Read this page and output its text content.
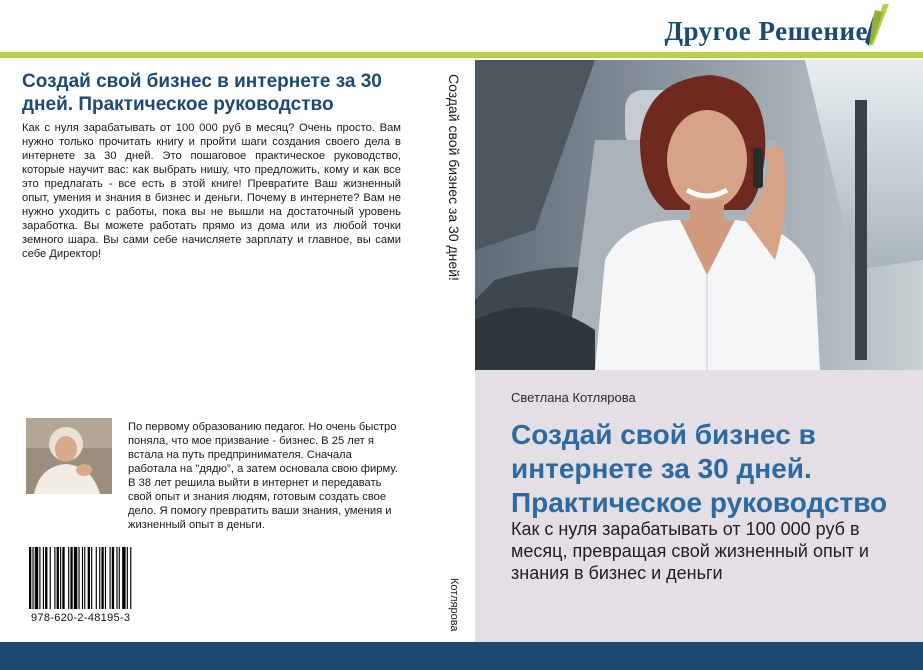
Другое Решение
Создай свой бизнес в интернете за 30 дней. Практическое руководство
Как с нуля зарабатывать от 100 000 руб в месяц? Очень просто. Вам нужно только прочитать книгу и пройти шаги создания своего дела в интернете за 30 дней. Это пошаговое практическое руководство, которые научит вас: как выбрать нишу, что предложить, кому и как все это предлагать - все есть в этой книге! Превратите Ваш жизненный опыт, умения и знания в бизнес и деньги. Почему в интернете? Вам не нужно уходить с работы, пока вы не вышли на достаточный уровень заработка. Вы можете работать прямо из дома или из любой точки земного шара. Вы сами себе начисляете зарплату и главное, вы сами себе Директор!
По первому образованию педагог. Но очень быстро поняла, что мое призвание - бизнес. В 25 лет я встала на путь предпринимателя. Сначала работала на "дядю", а затем основала свою фирму. В 38 лет решила выйти в интернет и передавать свой опыт и знания людям, готовым создать свое дело. Я помогу превратить ваши знания, умения и жизненный опыт в деньги.
978-620-2-48195-3
Создай свой бизнес за 30 дней!
Котлярова
Светлана Котлярова
Создай свой бизнес в интернете за 30 дней. Практическое руководство
Как с нуля зарабатывать от 100 000 руб в месяц, превращая свой жизненный опыт и знания в бизнес и деньги
